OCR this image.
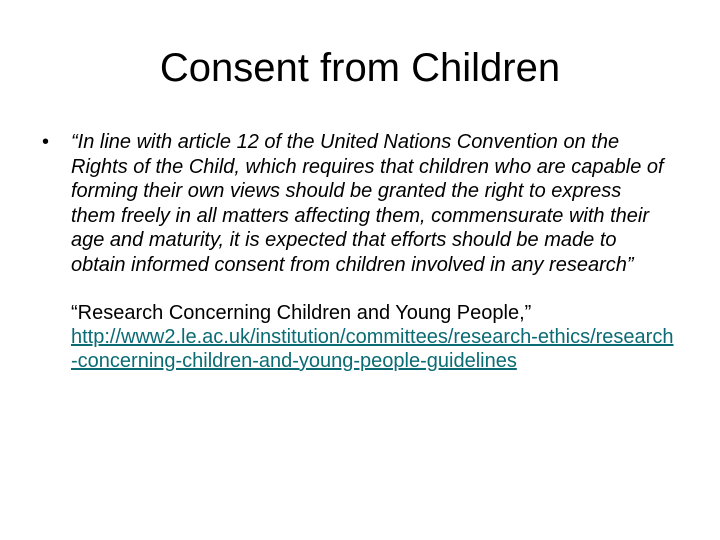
Consent from Children
• “In line with article 12 of the United Nations Convention on the Rights of the Child, which requires that children who are capable of forming their own views should be granted the right to express them freely in all matters affecting them, commensurate with their age and maturity, it is expected that efforts should be made to obtain informed consent from children involved in any research”

“Research Concerning Children and Young People,”
http://www2.le.ac.uk/institution/committees/research-ethics/research-concerning-children-and-young-people-guidelines
